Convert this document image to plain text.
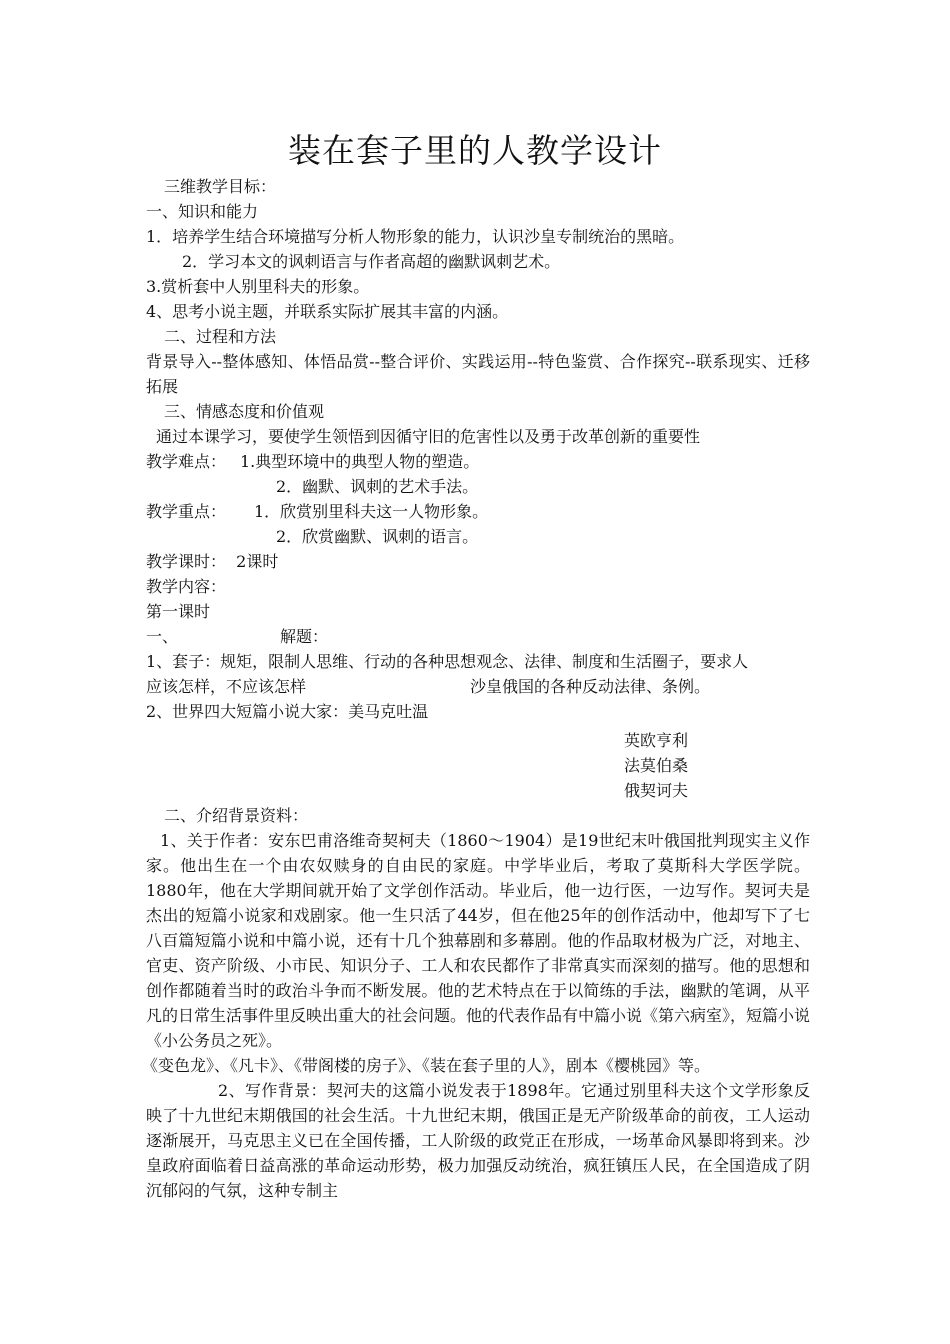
装在套子里的人教学设计

三维教学目标：

一、知识和能力

1．培养学生结合环境描写分析人物形象的能力，认识沙皇专制统治的黑暗。

2．学习本文的讽刺语言与作者高超的幽默讽刺艺术。

3.赏析套中人别里科夫的形象。

4、思考小说主题，并联系实际扩展其丰富的内涵。

二、过程和方法

背景导入--整体感知、体悟品赏--整合评价、实践运用--特色鉴赏、合作探究--联系现实、迁移拓展

三、情感态度和价值观

通过本课学习，要使学生领悟到因循守旧的危害性以及勇于改革创新的重要性

教学难点： 1.典型环境中的典型人物的塑造。

2．幽默、讽刺的艺术手法。

教学重点：	1．欣赏别里科夫这一人物形象。

2．欣赏幽默、讽刺的语言。

教学课时：  2课时

教学内容：

第一课时

一、	解题：

1、套子：规矩，限制人思维、行动的各种思想观念、法律、制度和生活圈子，要求人

应该怎样，不应该怎样	沙皇俄国的各种反动法律、条例。

2、世界四大短篇小说大家：美马克吐温

英欧亨利

法莫伯桑

俄契诃夫

二、介绍背景资料：

1、关于作者：安东巴甫洛维奇契柯夫（1860～1904）是19世纪末叶俄国批判现实主义作家。他出生在一个由农奴赎身的自由民的家庭。中学毕业后，考取了莫斯科大学医学院。1880年，他在大学期间就开始了文学创作活动。毕业后，他一边行医，一边写作。契诃夫是杰出的短篇小说家和戏剧家。他一生只活了44岁，但在他25年的创作活动中，他却写下了七八百篇短篇小说和中篇小说，还有十几个独幕剧和多幕剧。他的作品取材极为广泛，对地主、官吏、资产阶级、小市民、知识分子、工人和农民都作了非常真实而深刻的描写。他的思想和创作都随着当时的政治斗争而不断发展。他的艺术特点在于以简练的手法，幽默的笔调，从平凡的日常生活事件里反映出重大的社会问题。他的代表作品有中篇小说《第六病室》，短篇小说《小公务员之死》。

《变色龙》、《凡卡》、《带阁楼的房子》、《装在套子里的人》，剧本《樱桃园》等。

2、写作背景：契河夫的这篇小说发表于1898年。它通过别里科夫这个文学形象反映了十九世纪末期俄国的社会生活。十九世纪末期，俄国正是无产阶级革命的前夜，工人运动逐渐展开，马克思主义已在全国传播，工人阶级的政党正在形成，一场革命风暴即将到来。沙皇政府面临着日益高涨的革命运动形势，极力加强反动统治，疯狂镇压人民，在全国造成了阴沉郁闷的气氛，这种专制主
